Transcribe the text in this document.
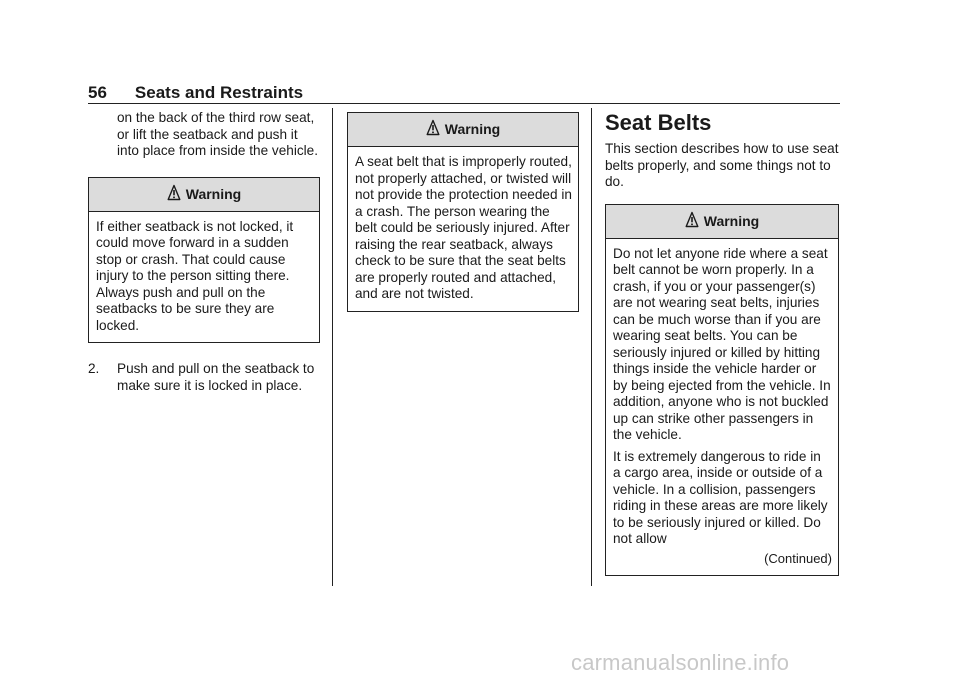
56 Seats and Restraints
on the back of the third row seat, or lift the seatback and push it into place from inside the vehicle.
Warning

If either seatback is not locked, it could move forward in a sudden stop or crash. That could cause injury to the person sitting there. Always push and pull on the seatbacks to be sure they are locked.

2.	Push and pull on the seatback to make sure it is locked in place.
Warning

A seat belt that is improperly routed, not properly attached, or twisted will not provide the protection needed in a crash. The person wearing the belt could be seriously injured. After raising the rear seatback, always check to be sure that the seat belts are properly routed and attached, and are not twisted.

Seat Belts
This section describes how to use seat belts properly, and some things not to do.
Warning

Do not let anyone ride where a seat belt cannot be worn properly. In a crash, if you or your passenger(s) are not wearing seat belts, injuries can be much worse than if you are wearing seat belts. You can be seriously injured or killed by hitting things inside the vehicle harder or by being ejected from the vehicle. In addition, anyone who is not buckled up can strike other passengers in the vehicle.

It is extremely dangerous to ride in a cargo area, inside or outside of a vehicle. In a collision, passengers riding in these areas are more likely to be seriously injured or killed. Do not allow

(Continued)
carmanualsonline.info
